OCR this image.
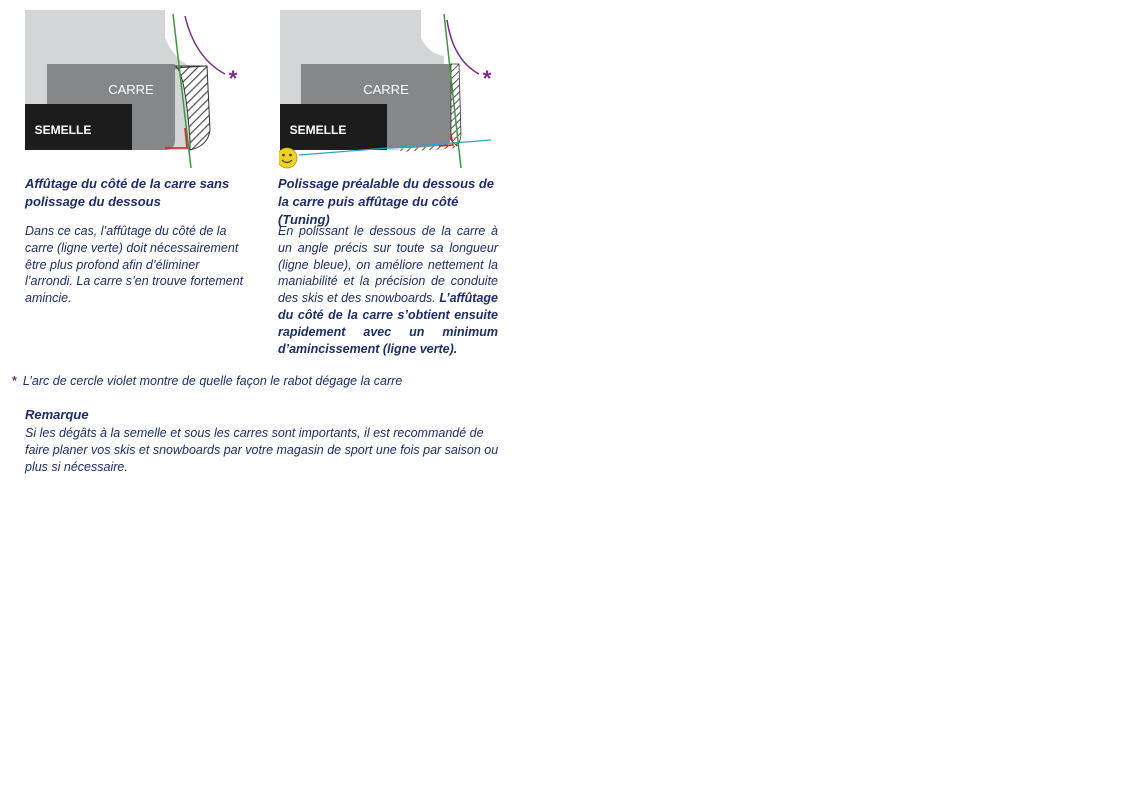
CARRE
SEMELLE
*	CARRE
SEMELLE
*
Affûtage du côté de la carre sans polissage du dessous
Dans ce cas, l’affûtage du côté de la carre (ligne verte) doit nécessairement être plus profond afin d’éliminer l’arrondi. La carre s’en trouve fortement amincie.
Polissage préalable du dessous de la carre puis affûtage du côté (Tuning)
En polissant le dessous de la carre à un angle précis sur toute sa longueur (ligne bleue), on améliore nettement la maniabilité et la précision de conduite des skis et des snowboards. L’affûtage du côté de la carre s’obtient ensuite rapidement avec un minimum d’amincissement (ligne verte).
* L’arc de cercle violet montre de quelle façon le rabot dégage la carre
Remarque
Si les dégâts à la semelle et sous les carres sont importants, il est recommandé de faire planer vos skis et snowboards par votre magasin de sport une fois par saison ou plus si nécessaire.
